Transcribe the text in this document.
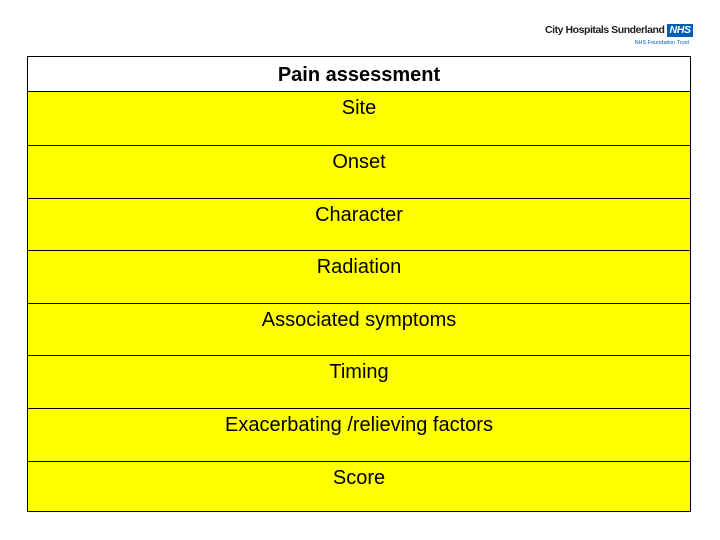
City Hospitals Sunderland NHS
NHS Foundation Trust
Pain assessment
Site
Onset
Character
Radiation
Associated symptoms
Timing
Exacerbating /relieving factors
Score
